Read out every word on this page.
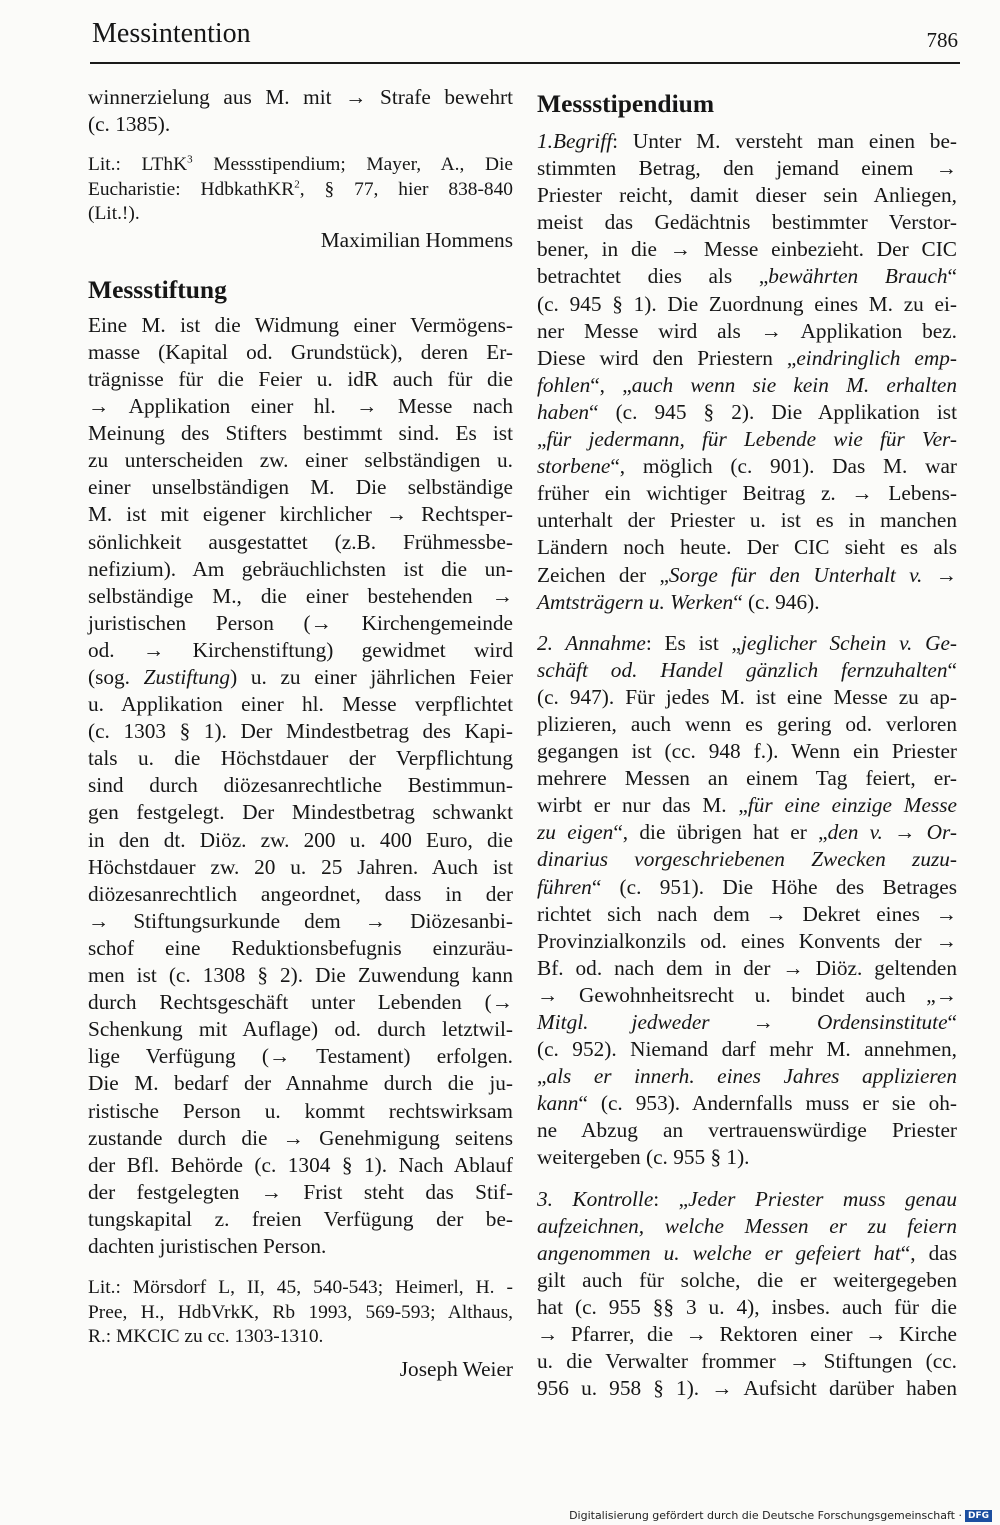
Messintention	786
winnerzielung aus M. mit → Strafe bewehrt
(c. 1385).
Lit.: LThK$^3$ Messstipendium; Mayer, A., Die
Eucharistie: HdbkathKR$^2$, § 77, hier 838-840
(Lit.!).
Maximilian Hommens
Messstiftung
Eine M. ist die Widmung einer Vermögens-
masse (Kapital od. Grundstück), deren Er-
trägnisse für die Feier u. idR auch für die
→ Applikation einer hl. → Messe nach
Meinung des Stifters bestimmt sind. Es ist
zu unterscheiden zw. einer selbständigen u.
einer unselbständigen M. Die selbständige
M. ist mit eigener kirchlicher → Rechtsper-
sönlichkeit ausgestattet (z.B. Frühmessbe-
nefizium). Am gebräuchlichsten ist die un-
selbständige M., die einer bestehenden →
juristischen Person (→ Kirchengemeinde
od. → Kirchenstiftung) gewidmet wird
(sog. Zustiftung) u. zu einer jährlichen Feier
u. Applikation einer hl. Messe verpflichtet
(c. 1303 § 1). Der Mindestbetrag des Kapi-
tals u. die Höchstdauer der Verpflichtung
sind durch diözesanrechtliche Bestimmun-
gen festgelegt. Der Mindestbetrag schwankt
in den dt. Diöz. zw. 200 u. 400 Euro, die
Höchstdauer zw. 20 u. 25 Jahren. Auch ist
diözesanrechtlich angeordnet, dass in der
→ Stiftungsurkunde dem → Diözesanbi-
schof eine Reduktionsbefugnis einzuräu-
men ist (c. 1308 § 2). Die Zuwendung kann
durch Rechtsgeschäft unter Lebenden (→
Schenkung mit Auflage) od. durch letztwil-
lige Verfügung (→ Testament) erfolgen.
Die M. bedarf der Annahme durch die ju-
ristische Person u. kommt rechtswirksam
zustande durch die → Genehmigung seitens
der Bfl. Behörde (c. 1304 § 1). Nach Ablauf
der festgelegten → Frist steht das Stif-
tungskapital z. freien Verfügung der be-
dachten juristischen Person.
Lit.: Mörsdorf L, II, 45, 540-543; Heimerl, H. -
Pree, H., HdbVrkK, Rb 1993, 569-593; Althaus,
R.: MKCIC zu cc. 1303-1310.
Joseph Weier
Messstipendium
1.Begriff: Unter M. versteht man einen be-
stimmten Betrag, den jemand einem →
Priester reicht, damit dieser sein Anliegen,
meist das Gedächtnis bestimmter Verstor-
bener, in die → Messe einbezieht. Der CIC
betrachtet dies als „bewährten Brauch“
(c. 945 § 1). Die Zuordnung eines M. zu ei-
ner Messe wird als → Applikation bez.
Diese wird den Priestern „eindringlich emp-
fohlen“, „auch wenn sie kein M. erhalten
haben“ (c. 945 § 2). Die Applikation ist
„für jedermann, für Lebende wie für Ver-
storbene“, möglich (c. 901). Das M. war
früher ein wichtiger Beitrag z. → Lebens-
unterhalt der Priester u. ist es in manchen
Ländern noch heute. Der CIC sieht es als
Zeichen der „Sorge für den Unterhalt v. →
Amtsträgern u. Werken“ (c. 946).
2. Annahme: Es ist „jeglicher Schein v. Ge-
schäft od. Handel gänzlich fernzuhalten“
(c. 947). Für jedes M. ist eine Messe zu ap-
plizieren, auch wenn es gering od. verloren
gegangen ist (cc. 948 f.). Wenn ein Priester
mehrere Messen an einem Tag feiert, er-
wirbt er nur das M. „für eine einzige Messe
zu eigen“, die übrigen hat er „den v. → Or-
dinarius vorgeschriebenen Zwecken zuzu-
führen“ (c. 951). Die Höhe des Betrages
richtet sich nach dem → Dekret eines →
Provinzialkonzils od. eines Konvents der →
Bf. od. nach dem in der → Diöz. geltenden
→ Gewohnheitsrecht u. bindet auch „→
Mitgl. jedweder → Ordensinstitute“
(c. 952). Niemand darf mehr M. annehmen,
„als er innerh. eines Jahres applizieren
kann“ (c. 953). Andernfalls muss er sie oh-
ne Abzug an vertrauenswürdige Priester
weitergeben (c. 955 § 1).
3. Kontrolle: „Jeder Priester muss genau
aufzeichnen, welche Messen er zu feiern
angenommen u. welche er gefeiert hat“, das
gilt auch für solche, die er weitergegeben
hat (c. 955 §§ 3 u. 4), insbes. auch für die
→ Pfarrer, die → Rektoren einer → Kirche
u. die Verwalter frommer → Stiftungen (cc.
956 u. 958 § 1). → Aufsicht darüber haben
Digitalisierung gefördert durch die Deutsche Forschungsgemeinschaft · DFG
